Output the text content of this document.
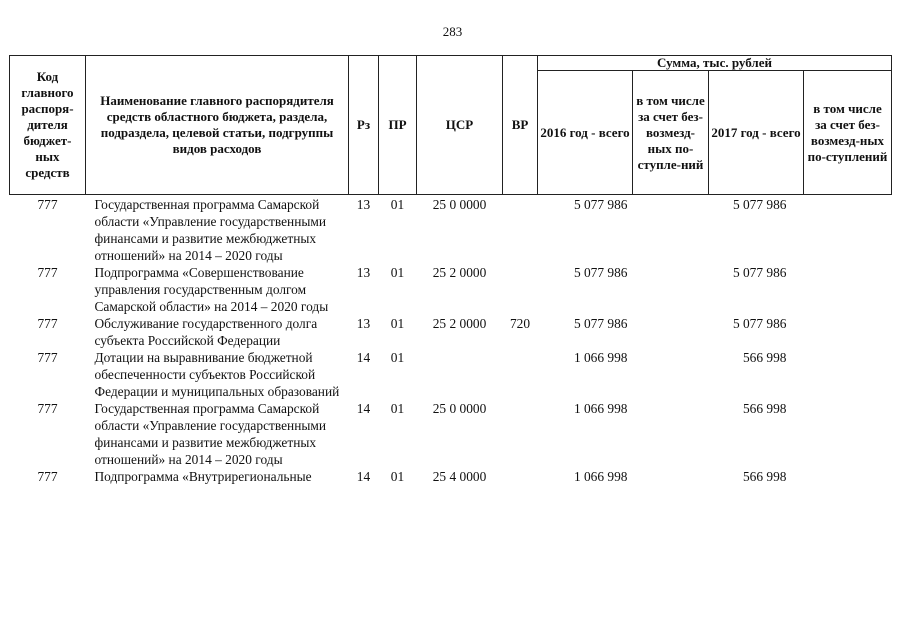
283
Код главного распоря-дителя бюджет-ных средств	Наименование главного распорядителя средств областного бюджета, раздела, подраздела, целевой статьи, подгруппы видов расходов	Рз	ПР	ЦСР	ВР	Сумма, тыс. рублей			
						2016 год - всего	в том числе за счет без-возмезд-ных по-ступле-ний	2017 год - всего	в том числе за счет без-возмезд-ных по-ступлений
777	Государственная программа Самарской области «Управление государственными финансами и развитие межбюджетных отношений» на 2014 – 2020 годы	13	01	25 0 0000		5 077 986		5 077 986	
777	Подпрограмма «Совершенствование управления государственным долгом Самарской области» на 2014 – 2020 годы	13	01	25 2 0000		5 077 986		5 077 986	
777	Обслуживание государственного долга субъекта Российской Федерации	13	01	25 2 0000	720	5 077 986		5 077 986	
777	Дотации на выравнивание бюджетной обеспеченности субъектов Российской Федерации и муниципальных образований	14	01			1 066 998		566 998	
777	Государственная программа Самарской области «Управление государственными финансами и развитие межбюджетных отношений» на 2014 – 2020 годы	14	01	25 0 0000		1 066 998		566 998	
777	Подпрограмма «Внутрирегиональные	14	01	25 4 0000		1 066 998		566 998	
